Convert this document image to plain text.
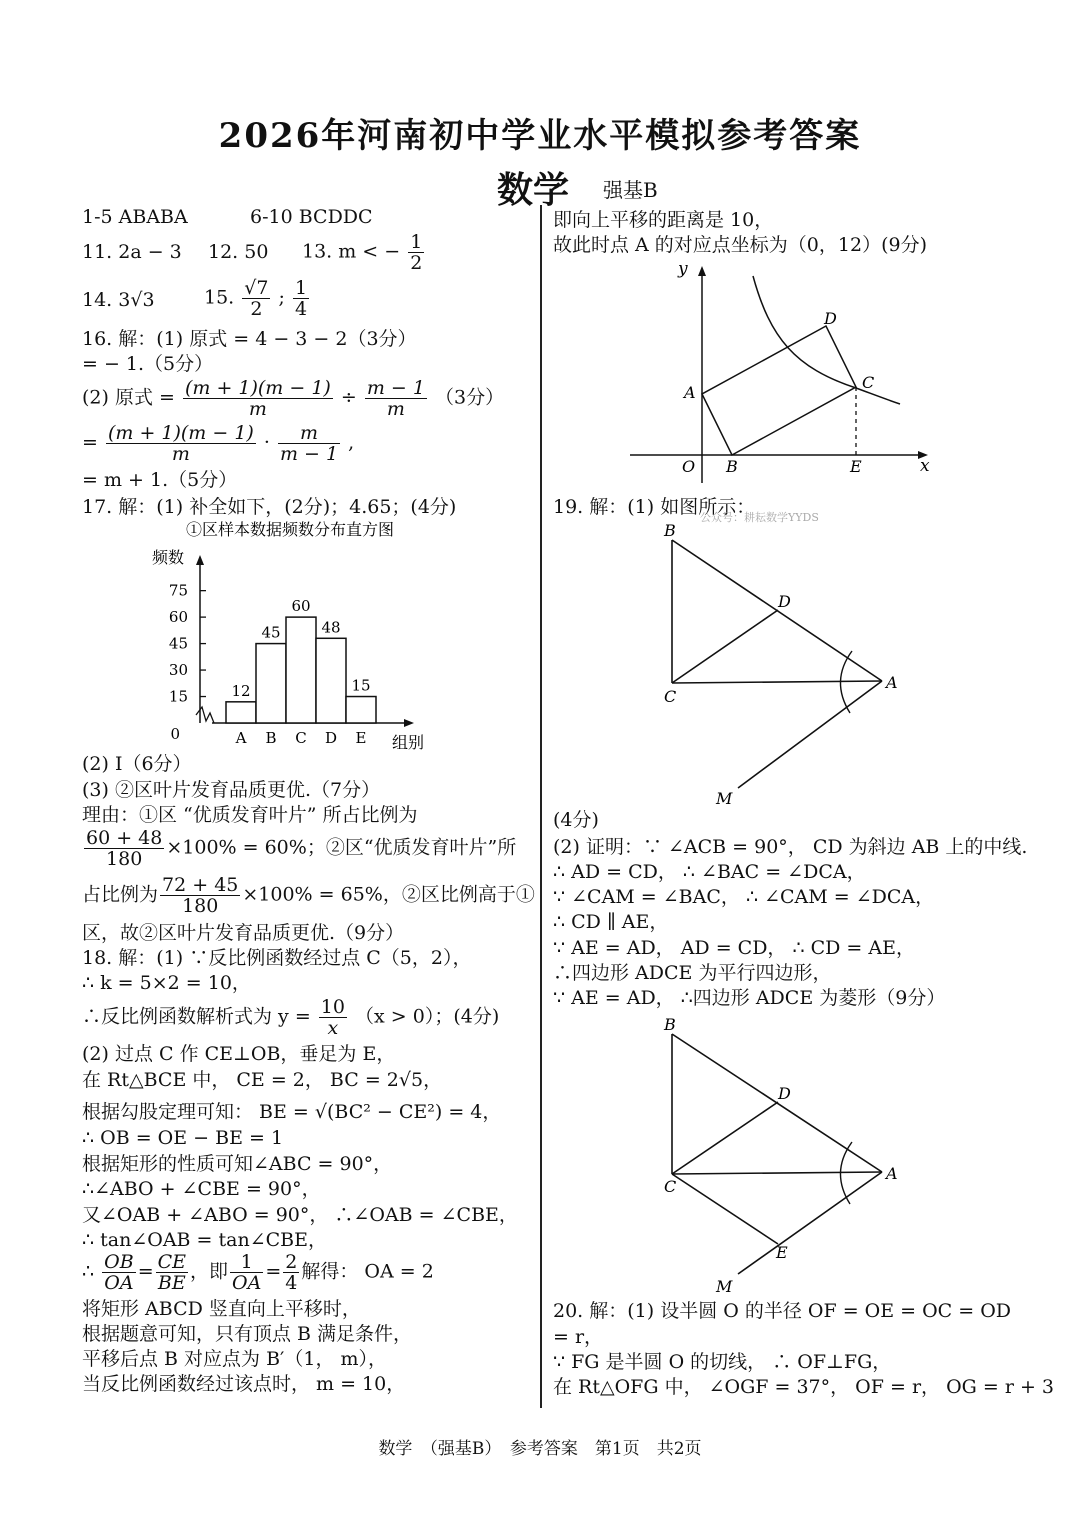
2026年河南初中学业水平模拟参考答案
数学 强基B
1-5 ABABA	6-10 BCDDC
11. 2a − 3 12. 50 13. m < − $\frac{1}{2}$
14. 3√3	15. $\frac{√7}{2}$ ; $\frac{1}{4}$
16. 解：(1) 原式 = 4 − 3 − 2（3分）
= − 1.（5分）
(2) 原式 = $\frac{(m + 1)(m - 1)}{m} \div \frac{m - 1}{m} (3$分）
= $\frac{(m + 1)(m - 1)}{m} \cdot \frac{m}{m - 1}$ ,
= m + 1.（5分）
17. 解：(1) 补全如下，(2分)；4.65；(4分)
①区样本数据频数分布直方图
频数
组别
0
15
30
45
60
75
12
A
45
B
60
C
48
D
15
E
(2) Ⅰ（6分）
(3) ②区叶片发育品质更优.（7分）
理由：①区 “优质发育叶片” 所占比例为
$\frac{60 + 48}{180} \times 100\% = 60\%$；②区“优质发育叶片”所
占比例为 $\frac{72 + 45}{180} \times 100\% = 65\%$，②区比例高于①
区，故②区叶片发育品质更优.（9分）
18. 解：(1) ∵反比例函数经过点 C（5，2），
∴ k = 5×2 = 10，
∴反比例函数解析式为 $y = \frac{10}{x} (x > 0)$；(4分)
(2) 过点 C 作 CE⊥OB，垂足为 E，
在 Rt△BCE 中， CE = 2， BC = 2√5，
根据勾股定理可知： BE = √(BC² − CE²) = 4，
∴ OB = OE − BE = 1
根据矩形的性质可知∠ABC = 90°，
∴∠ABO + ∠CBE = 90°，
又∠OAB + ∠ABO = 90°， ∴∠OAB = ∠CBE，
∴ tan∠OAB = tan∠CBE，
∴ $\frac{OB}{OA} = \frac{CE}{BE}$ ，即 $\frac{1}{OA} = \frac{2}{4}$ 解得： OA = 2
将矩形 ABCD 竖直向上平移时，
根据题意可知，只有顶点 B 满足条件，
平移后点 B 对应点为 B′（1， m），
当反比例函数经过该点时， m = 10，
即向上平移的距离是 10，
故此时点 A 的对应点坐标为（0，12）(9分)
y
x
O
A
B
C
D
E
19. 解：(1) 如图所示：
公众号：耕耘数学YYDS
B
D
C
A
M
(4分)
(2) 证明：∵ ∠ACB = 90°， CD 为斜边 AB 上的中线.
∴ AD = CD， ∴ ∠BAC = ∠DCA，
∵ ∠CAM = ∠BAC， ∴ ∠CAM = ∠DCA，
∴ CD ∥ AE，
∵ AE = AD， AD = CD， ∴ CD = AE，
∴四边形 ADCE 为平行四边形，
∵ AE = AD， ∴四边形 ADCE 为菱形（9分）
B
D
C
A
E
M
20. 解：(1) 设半圆 O 的半径 OF = OE = OC = OD
= r，
∵ FG 是半圆 O 的切线， ∴ OF⊥FG，
在 Rt△OFG 中， ∠OGF = 37°， OF = r， OG = r + 3
数学　（强基B）　参考答案　第1页　共2页
